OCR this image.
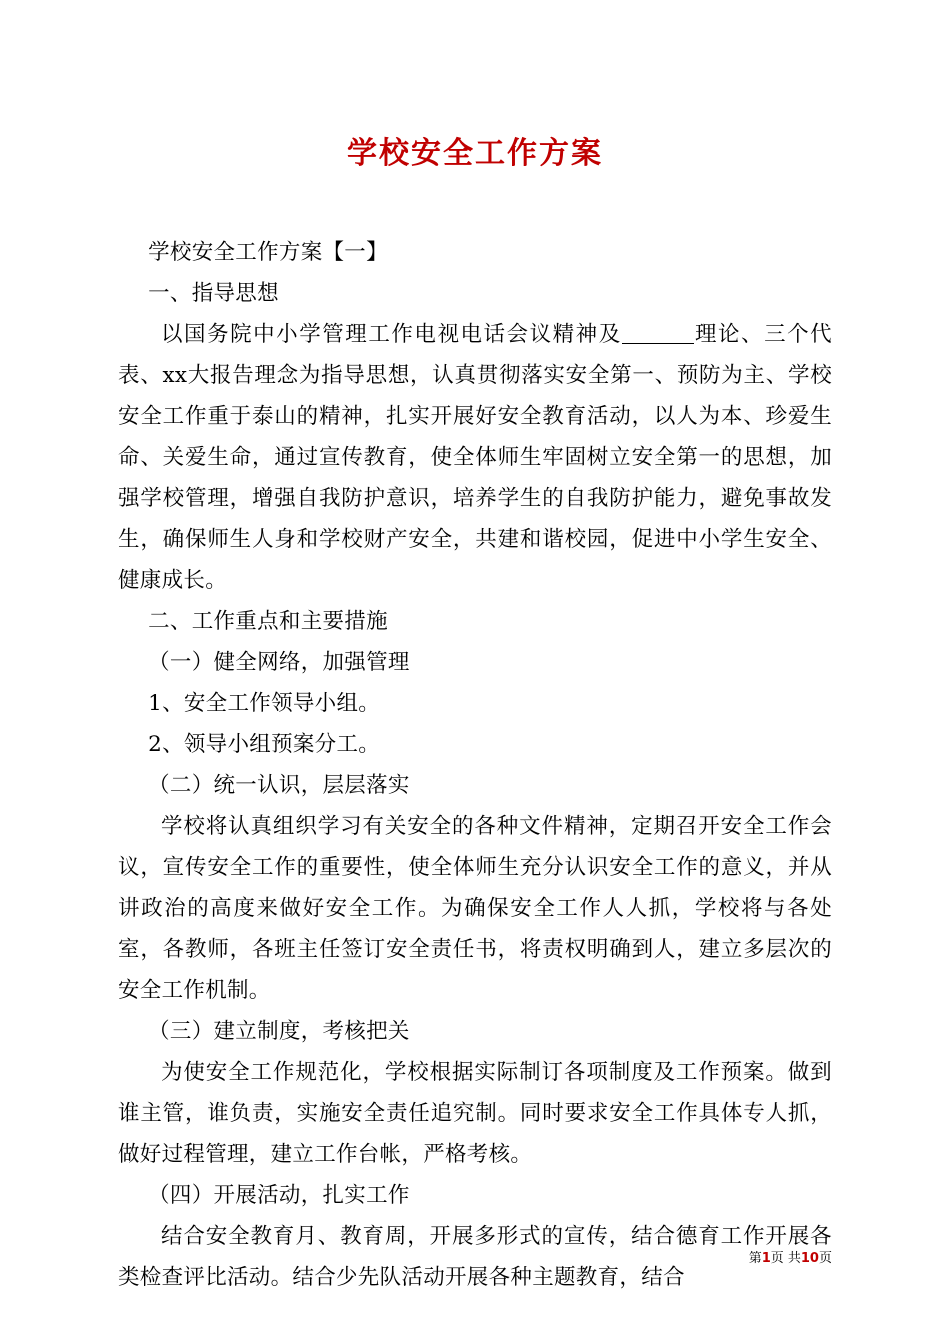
学校安全工作方案

学校安全工作方案【一】

一、指导思想

以国务院中小学管理工作电视电话会议精神及	理论、三个代表、xx大报告理念为指导思想，认真贯彻落实安全第一、预防为主、学校安全工作重于泰山的精神，扎实开展好安全教育活动，以人为本、珍爱生命、关爱生命，通过宣传教育，使全体师生牢固树立安全第一的思想，加强学校管理，增强自我防护意识，培养学生的自我防护能力，避免事故发生，确保师生人身和学校财产安全，共建和谐校园，促进中小学生安全、健康成长。

二、工作重点和主要措施

（一）健全网络，加强管理

1、安全工作领导小组。

2、领导小组预案分工。

（二）统一认识，层层落实

学校将认真组织学习有关安全的各种文件精神，定期召开安全工作会议，宣传安全工作的重要性，使全体师生充分认识安全工作的意义，并从讲政治的高度来做好安全工作。为确保安全工作人人抓，学校将与各处室，各教师，各班主任签订安全责任书，将责权明确到人，建立多层次的安全工作机制。

（三）建立制度，考核把关

为使安全工作规范化，学校根据实际制订各项制度及工作预案。做到谁主管，谁负责，实施安全责任追究制。同时要求安全工作具体专人抓，做好过程管理，建立工作台帐，严格考核。

（四）开展活动，扎实工作

结合安全教育月、教育周，开展多形式的宣传，结合德育工作开展各类检查评比活动。结合少先队活动开展各种主题教育，结合

第1页 共10页
